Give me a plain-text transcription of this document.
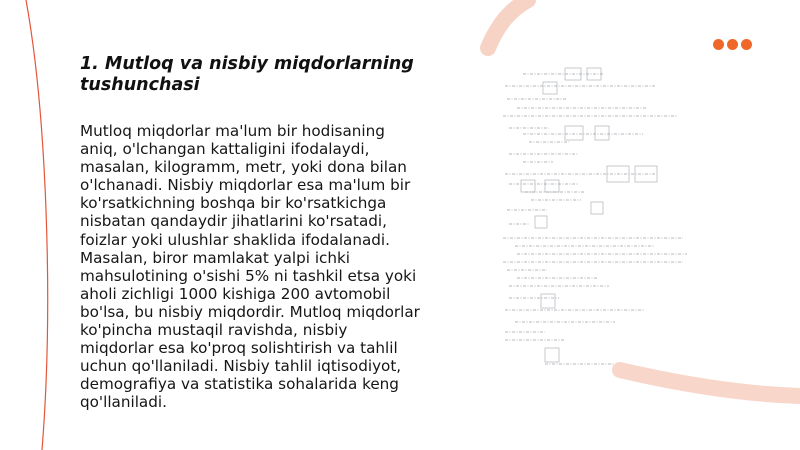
1. Mutloq va nisbiy miqdorlarning tushunchasi
Mutloq miqdorlar ma'lum bir hodisaning aniq, o'lchangan kattaligini ifodalaydi, masalan, kilogramm, metr, yoki dona bilan o'lchanadi. Nisbiy miqdorlar esa ma'lum bir ko'rsatkichning boshqa bir ko'rsatkichga nisbatan qandaydir jihatlarini ko'rsatadi, foizlar yoki ulushlar shaklida ifodalanadi. Masalan, biror mamlakat yalpi ichki mahsulotining o'sishi 5% ni tashkil etsa yoki aholi zichligi 1000 kishiga 200 avtomobil bo'lsa, bu nisbiy miqdordir. Mutloq miqdorlar ko'pincha mustaqil ravishda, nisbiy miqdorlar esa ko'proq solishtirish va tahlil uchun qo'llaniladi. Nisbiy tahlil iqtisodiyot, demografiya va statistika sohalarida keng qo'llaniladi.
